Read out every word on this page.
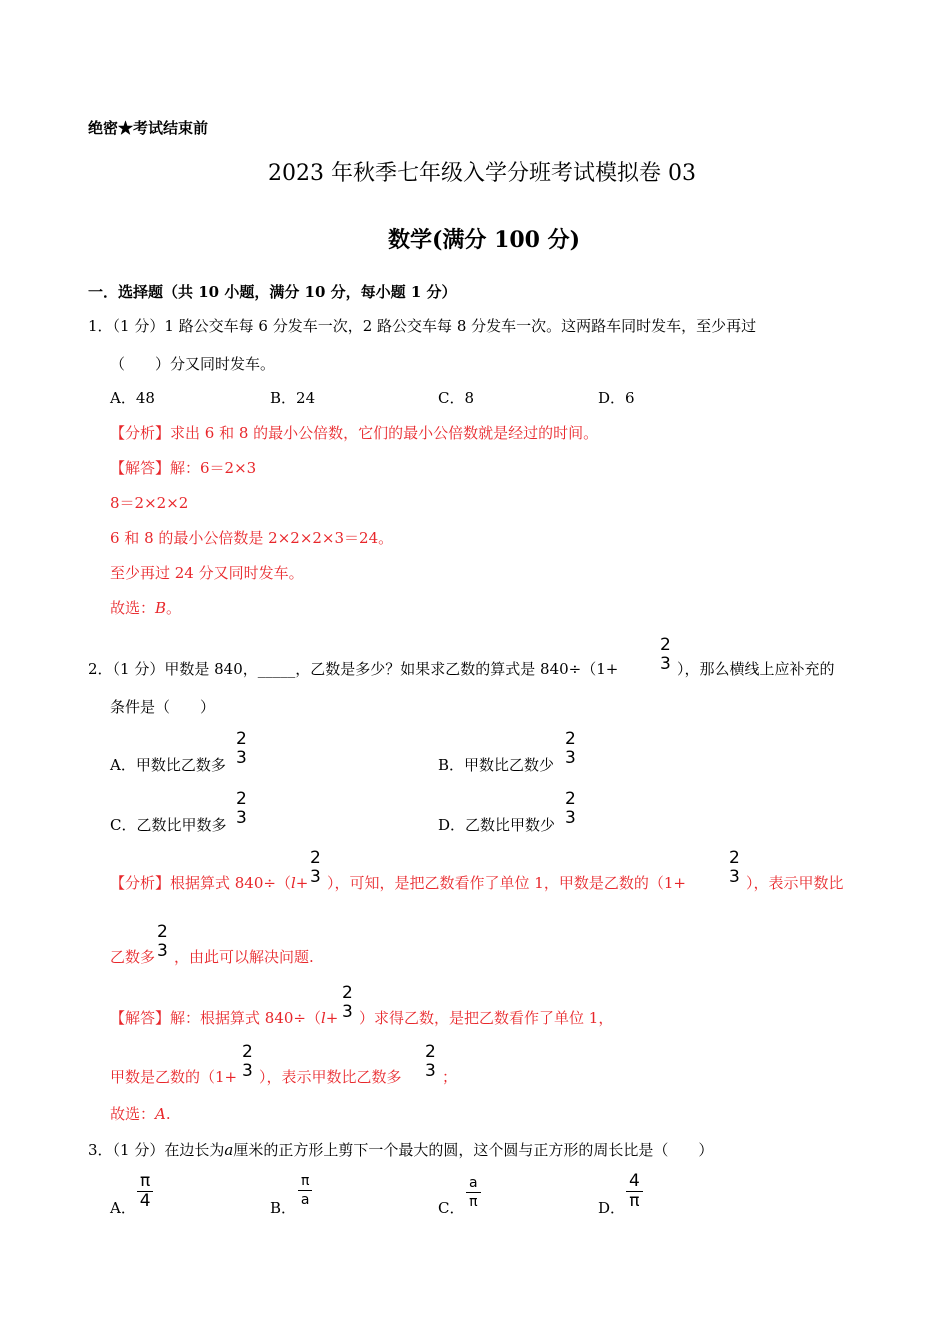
绝密★考试结束前
2023 年秋季七年级入学分班考试模拟卷 03
数学(满分 100 分)
一．选择题（共 10 小题，满分 10 分，每小题 1 分）
1．（1 分）1 路公交车每 6 分发车一次，2 路公交车每 8 分发车一次。这两路车同时发车，至少再过
（　　）分又同时发车。
A．48	B．24	C．8	D．6
【分析】求出 6 和 8 的最小公倍数，它们的最小公倍数就是经过的时间。
【解答】解：6＝2×3
8＝2×2×2
6 和 8 的最小公倍数是 2×2×2×3＝24。
至少再过 24 分又同时发车。
故选：B。
2．（1 分）甲数是 840，_____，乙数是多少？如果求乙数的算式是 840÷（1+
2
3 ），那么横线上应补充的
条件是（　　）
A．甲数比乙数多
2
3	B．甲数比乙数少
2
3
C．乙数比甲数多
2
3	D．乙数比甲数少
2
3
【分析】根据算式 840÷（l+
2
3 ），可知，是把乙数看作了单位 1，甲数是乙数的（1+
2
3 ），表示甲数比
乙数多
2
3 ，由此可以解决问题.
【解答】解：根据算式 840÷（l+
2
3 ）求得乙数，是把乙数看作了单位 1，
甲数是乙数的（1+
2
3 ），表示甲数比乙数多
2
3 ；
故选：A.
3．（1 分）在边长为a厘米的正方形上剪下一个最大的圆，这个圆与正方形的周长比是（　　）
A． $\frac{\pi}{4}$	B． $\frac{\pi}{a}$	C． $\frac{a}{\pi}$	D． $\frac{4}{\pi}$
